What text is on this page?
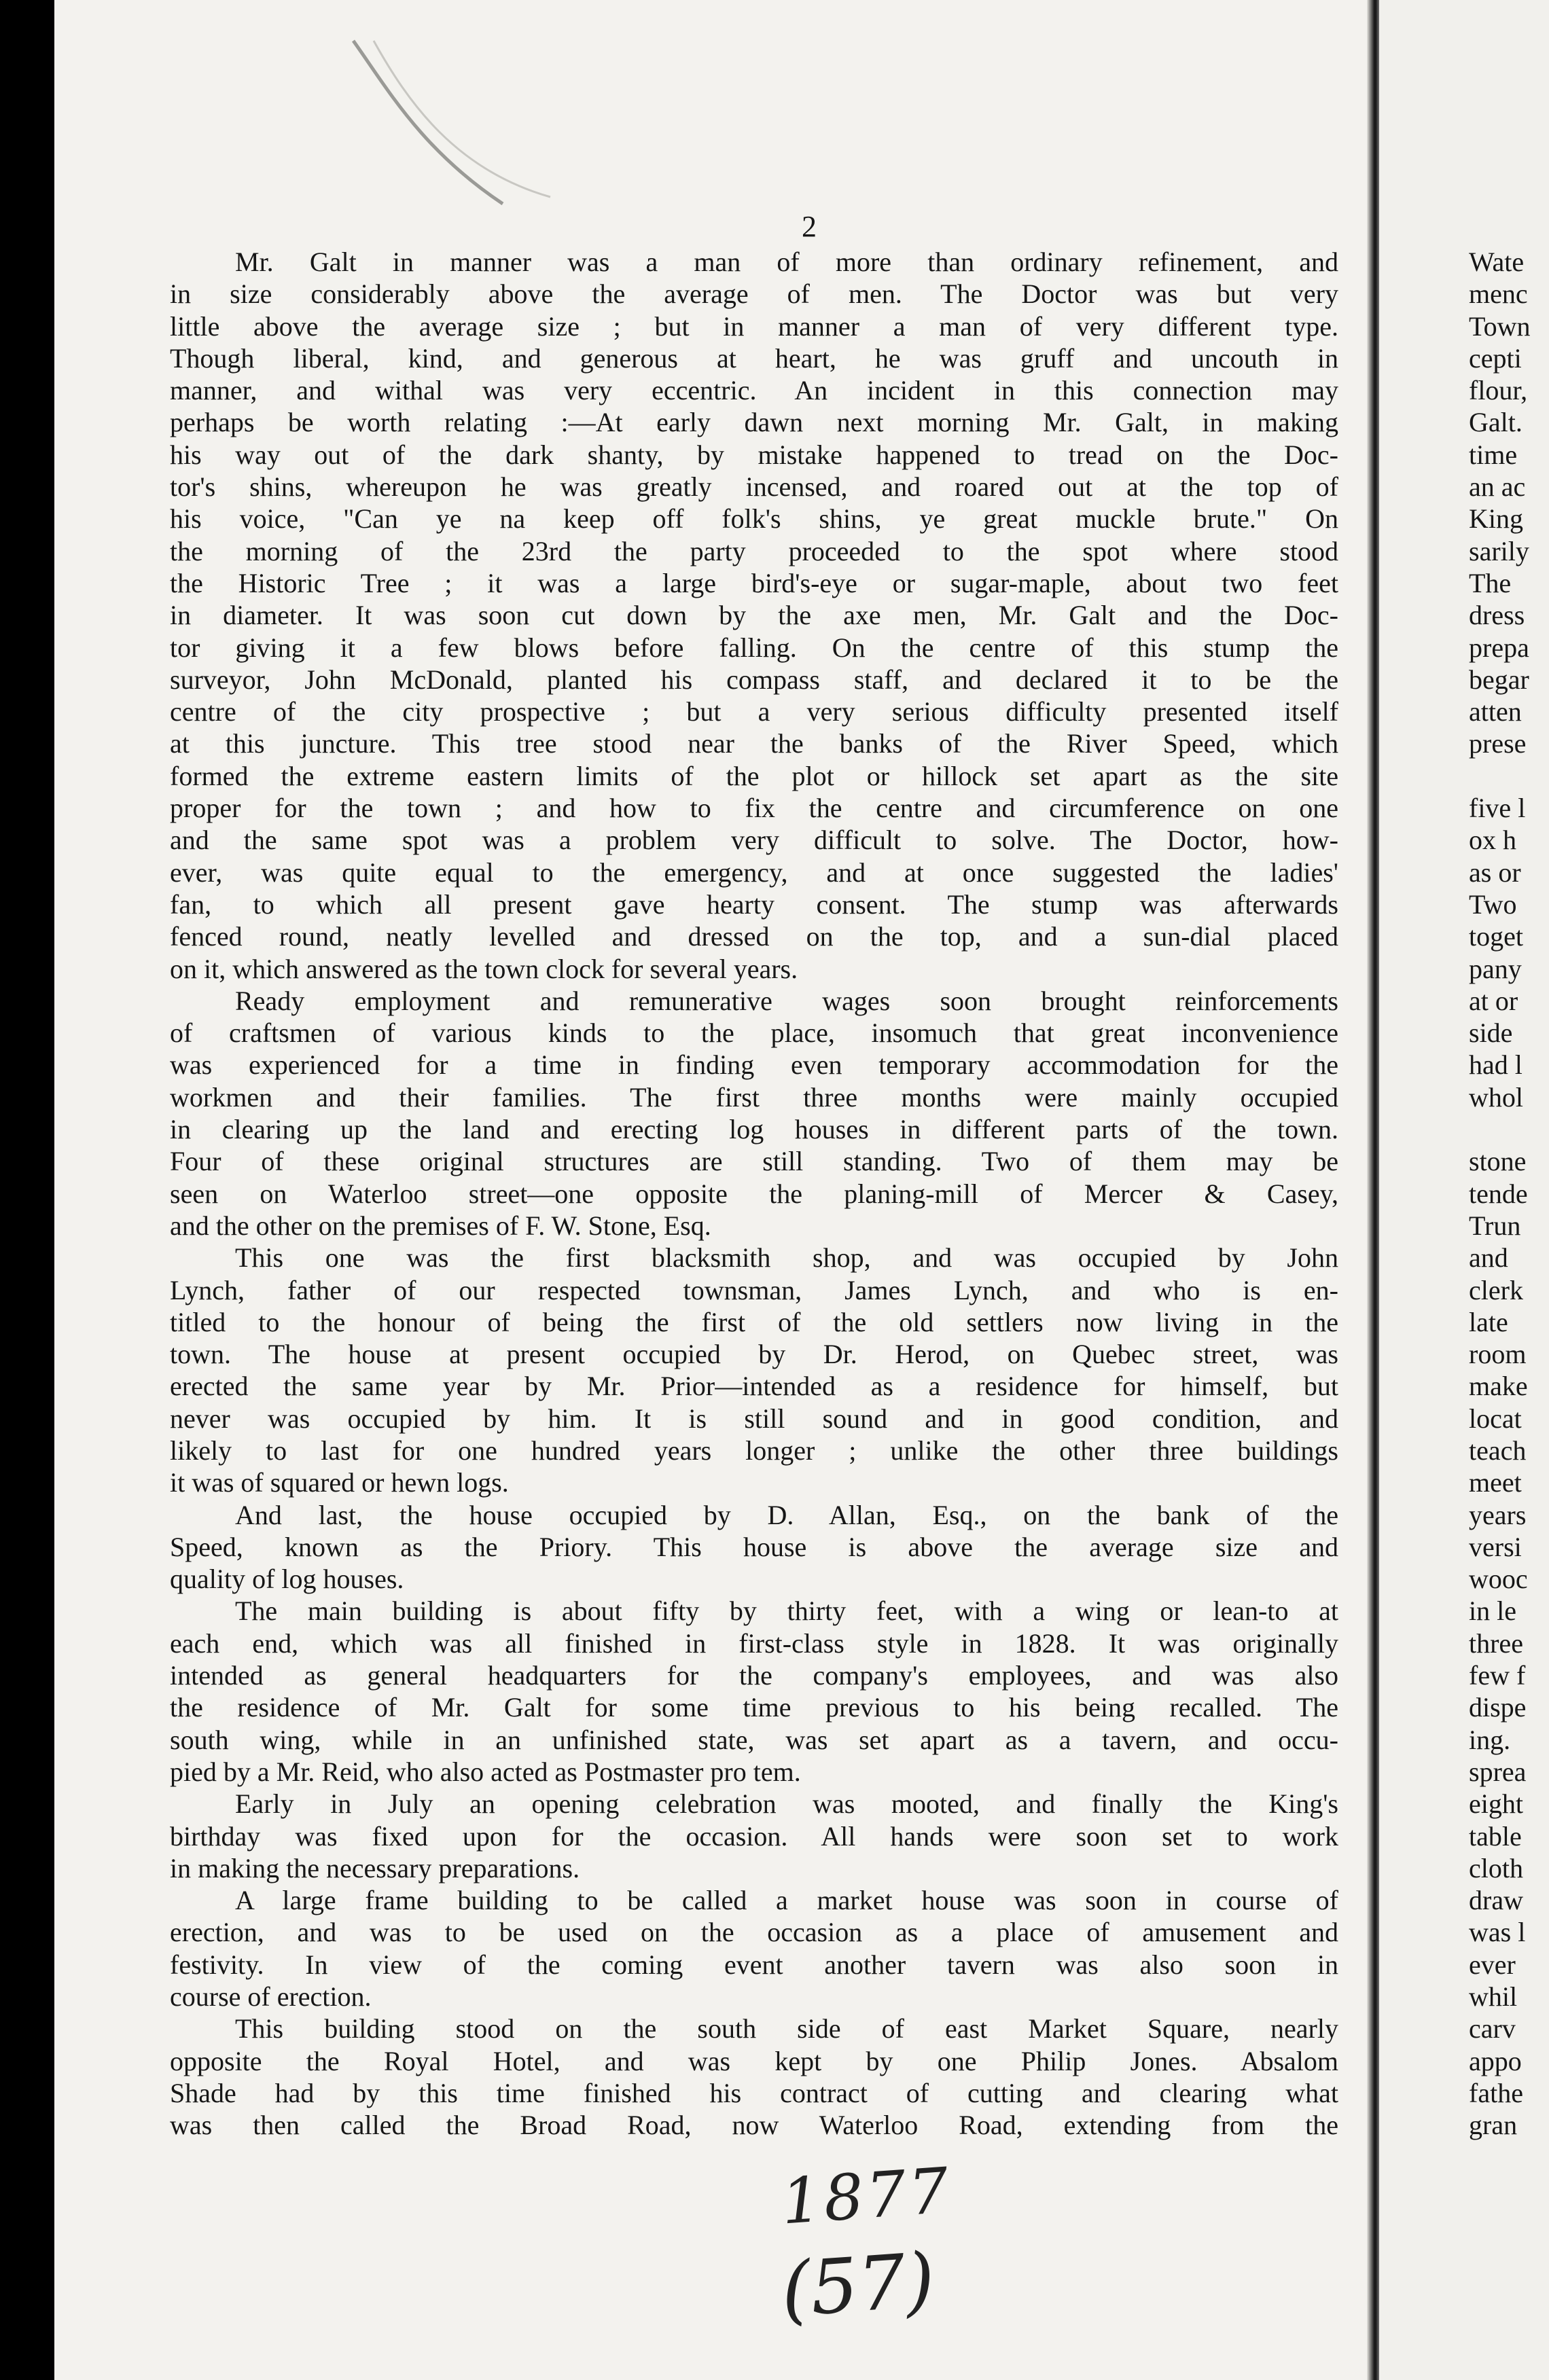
2
Mr. Galt in manner was a man of more than ordinary refinement, and
in size considerably above the average of men. The Doctor was but very
little above the average size ; but in manner a man of very different type.
Though liberal, kind, and generous at heart, he was gruff and uncouth in
manner, and withal was very eccentric. An incident in this connection may
perhaps be worth relating :—At early dawn next morning Mr. Galt, in making
his way out of the dark shanty, by mistake happened to tread on the Doc-
tor's shins, whereupon he was greatly incensed, and roared out at the top of
his voice, "Can ye na keep off folk's shins, ye great muckle brute." On
the morning of the 23rd the party proceeded to the spot where stood
the Historic Tree ; it was a large bird's-eye or sugar-maple, about two feet
in diameter. It was soon cut down by the axe men, Mr. Galt and the Doc-
tor giving it a few blows before falling. On the centre of this stump the
surveyor, John McDonald, planted his compass staff, and declared it to be the
centre of the city prospective ; but a very serious difficulty presented itself
at this juncture. This tree stood near the banks of the River Speed, which
formed the extreme eastern limits of the plot or hillock set apart as the site
proper for the town ; and how to fix the centre and circumference on one
and the same spot was a problem very difficult to solve. The Doctor, how-
ever, was quite equal to the emergency, and at once suggested the ladies'
fan, to which all present gave hearty consent. The stump was afterwards
fenced round, neatly levelled and dressed on the top, and a sun-dial placed
on it, which answered as the town clock for several years.
Ready employment and remunerative wages soon brought reinforcements
of craftsmen of various kinds to the place, insomuch that great inconvenience
was experienced for a time in finding even temporary accommodation for the
workmen and their families. The first three months were mainly occupied
in clearing up the land and erecting log houses in different parts of the town.
Four of these original structures are still standing. Two of them may be
seen on Waterloo street—one opposite the planing-mill of Mercer & Casey,
and the other on the premises of F. W. Stone, Esq.
This one was the first blacksmith shop, and was occupied by John
Lynch, father of our respected townsman, James Lynch, and who is en-
titled to the honour of being the first of the old settlers now living in the
town. The house at present occupied by Dr. Herod, on Quebec street, was
erected the same year by Mr. Prior—intended as a residence for himself, but
never was occupied by him. It is still sound and in good condition, and
likely to last for one hundred years longer ; unlike the other three buildings
it was of squared or hewn logs.
And last, the house occupied by D. Allan, Esq., on the bank of the
Speed, known as the Priory. This house is above the average size and
quality of log houses.
The main building is about fifty by thirty feet, with a wing or lean-to at
each end, which was all finished in first-class style in 1828. It was originally
intended as general headquarters for the company's employees, and was also
the residence of Mr. Galt for some time previous to his being recalled. The
south wing, while in an unfinished state, was set apart as a tavern, and occu-
pied by a Mr. Reid, who also acted as Postmaster pro tem.
Early in July an opening celebration was mooted, and finally the King's
birthday was fixed upon for the occasion. All hands were soon set to work
in making the necessary preparations.
A large frame building to be called a market house was soon in course of
erection, and was to be used on the occasion as a place of amusement and
festivity. In view of the coming event another tavern was also soon in
course of erection.
This building stood on the south side of east Market Square, nearly
opposite the Royal Hotel, and was kept by one Philip Jones. Absalom
Shade had by this time finished his contract of cutting and clearing what
was then called the Broad Road, now Waterloo Road, extending from the
Wate
menc
Town
cepti
flour,
Galt.
time
an ac
King
sarily
The
dress
prepa
begar
atten
prese
five l
ox h
as or
Two
toget
pany
at or
side
had l
whol
stone
tende
Trun
and
clerk
late
room
make
locat
teach
meet
years
versi
wooc
in le
three
few f
dispe
ing.
sprea
eight
table
cloth
draw
was l
ever
whil
carv
appo
fathe
gran
1877
(57)
